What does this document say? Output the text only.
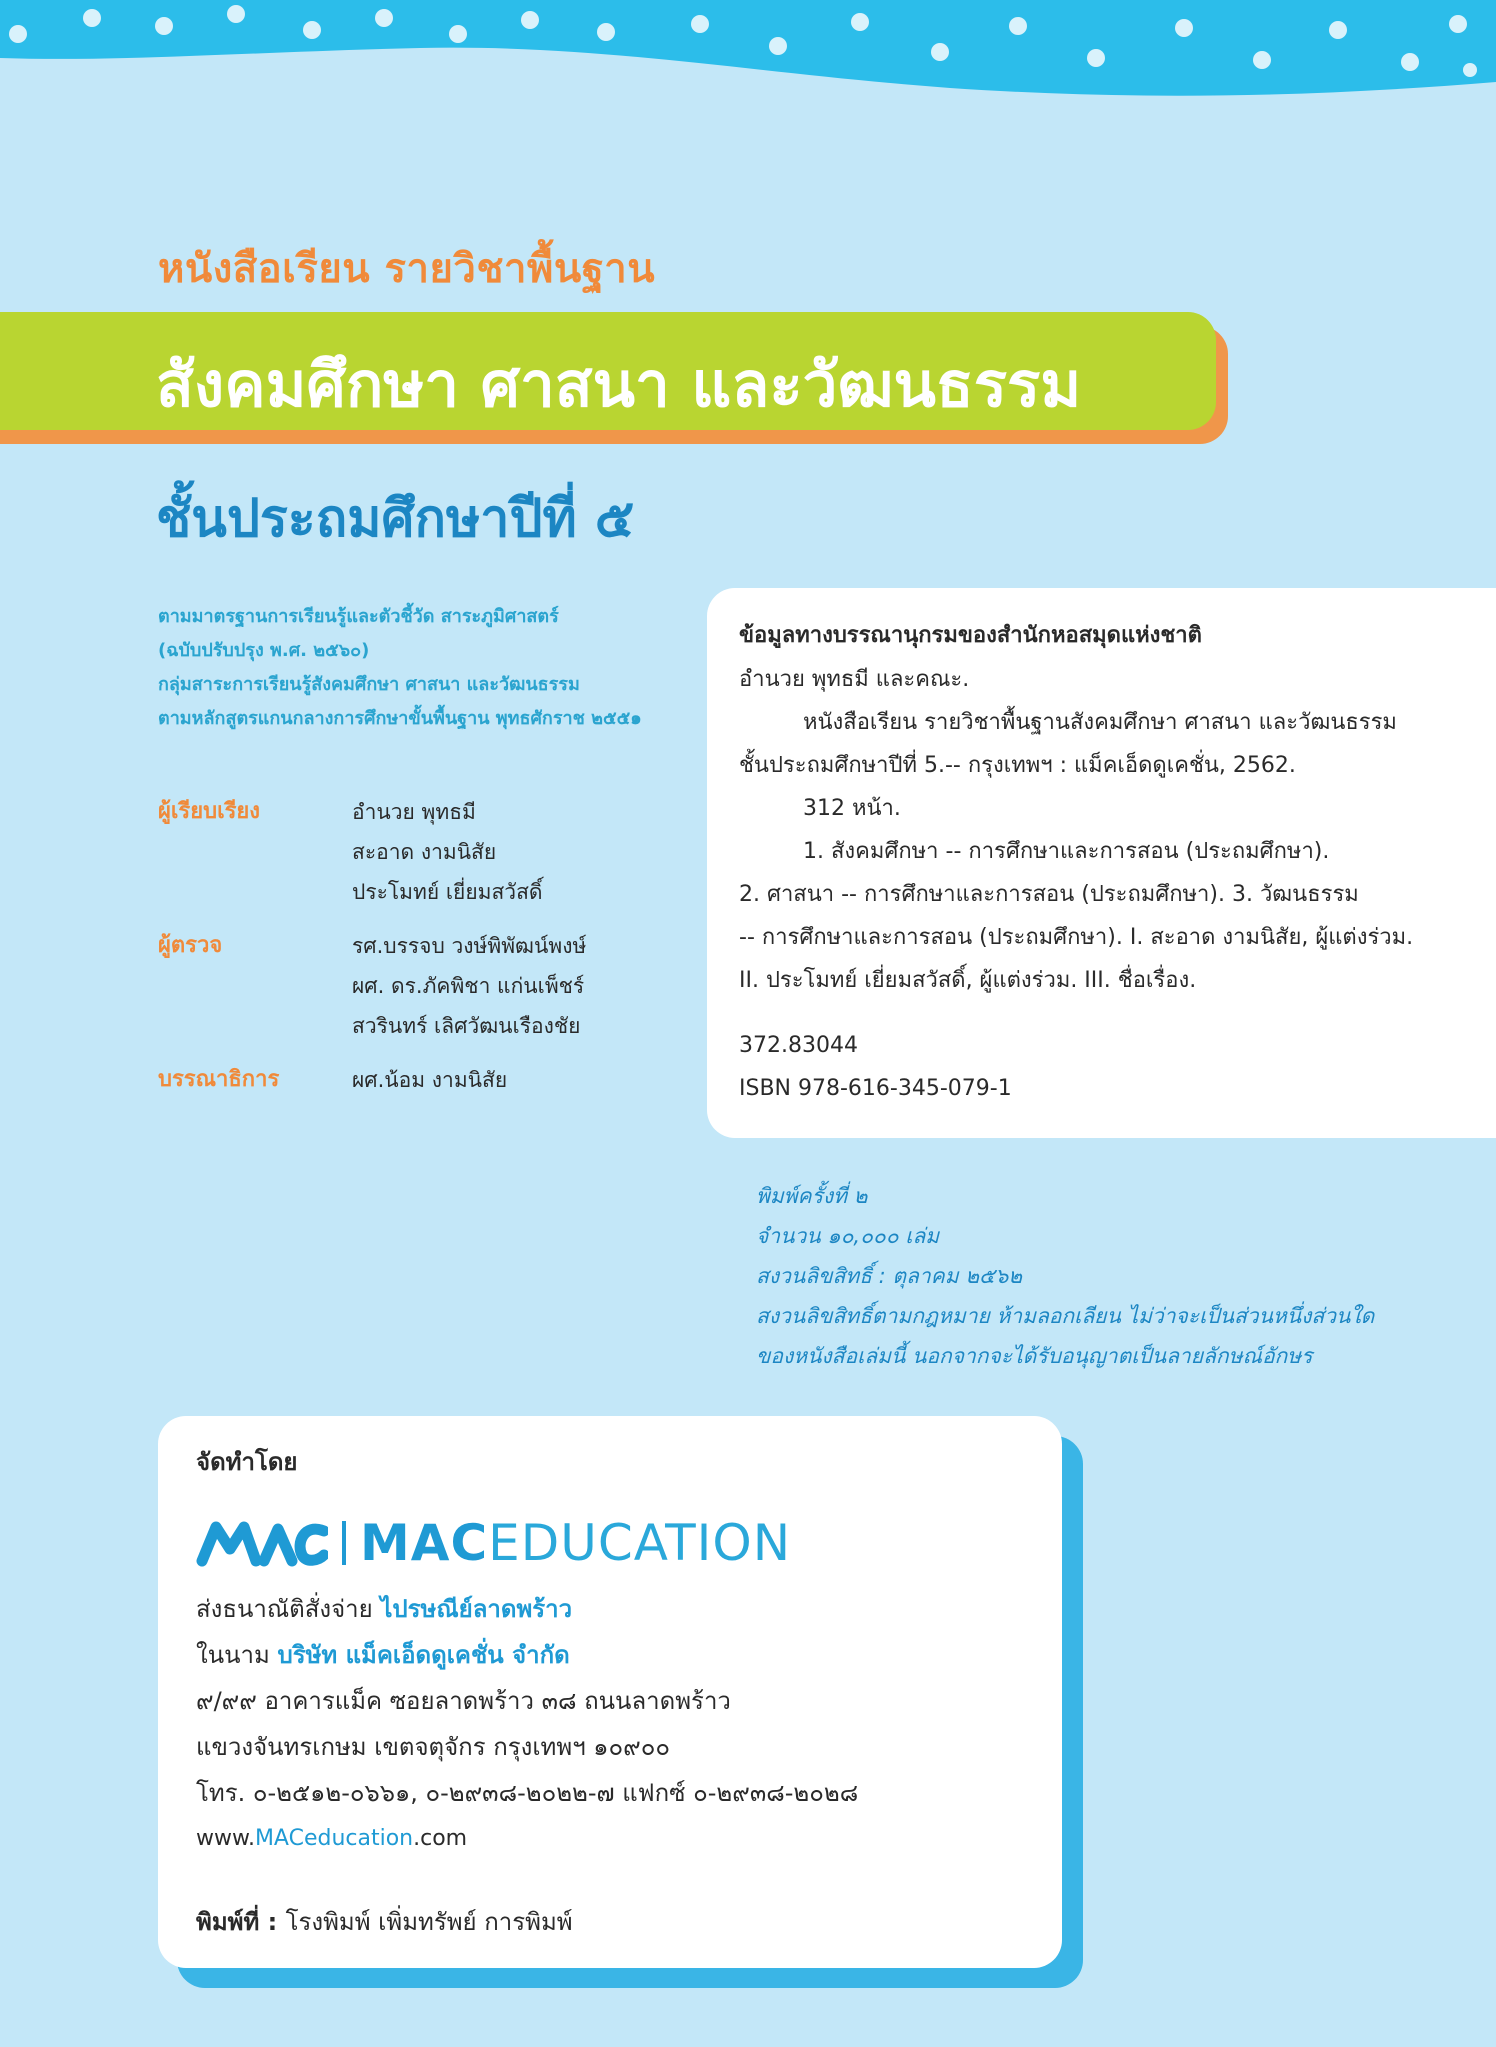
หนังสือเรียน รายวิชาพื้นฐาน
สังคมศึกษา ศาสนา และวัฒนธรรม
ชั้นประถมศึกษาปีที่ ๕
ตามมาตรฐานการเรียนรู้และตัวชี้วัด สาระภูมิศาสตร์
(ฉบับปรับปรุง พ.ศ. ๒๕๖๐)
กลุ่มสาระการเรียนรู้สังคมศึกษา ศาสนา และวัฒนธรรม
ตามหลักสูตรแกนกลางการศึกษาขั้นพื้นฐาน พุทธศักราช ๒๕๕๑
ผู้เรียบเรียง	อำนวย พุทธมี
สะอาด งามนิสัย
ประโมทย์ เยี่ยมสวัสดิ์
ผู้ตรวจ	รศ.บรรจบ วงษ์พิพัฒน์พงษ์
ผศ. ดร.ภัคพิชา แก่นเพ็ชร์
สวรินทร์ เลิศวัฒนเรืองชัย
บรรณาธิการ	ผศ.น้อม งามนิสัย
ข้อมูลทางบรรณานุกรมของสำนักหอสมุดแห่งชาติ
อำนวย พุทธมี และคณะ.
หนังสือเรียน รายวิชาพื้นฐานสังคมศึกษา ศาสนา และวัฒนธรรม
ชั้นประถมศึกษาปีที่ 5.-- กรุงเทพฯ : แม็คเอ็ดดูเคชั่น, 2562.
312 หน้า.
1. สังคมศึกษา -- การศึกษาและการสอน (ประถมศึกษา).
2. ศาสนา -- การศึกษาและการสอน (ประถมศึกษา). 3. วัฒนธรรม
-- การศึกษาและการสอน (ประถมศึกษา). I. สะอาด งามนิสัย, ผู้แต่งร่วม.
II. ประโมทย์ เยี่ยมสวัสดิ์, ผู้แต่งร่วม. III. ชื่อเรื่อง.
372.83044
ISBN 978-616-345-079-1
พิมพ์ครั้งที่ ๒
จำนวน ๑๐,๐๐๐ เล่ม
สงวนลิขสิทธิ์ : ตุลาคม ๒๕๖๒
สงวนลิขสิทธิ์ตามกฎหมาย ห้ามลอกเลียน ไม่ว่าจะเป็นส่วนหนึ่งส่วนใด
ของหนังสือเล่มนี้ นอกจากจะได้รับอนุญาตเป็นลายลักษณ์อักษร
จัดทำโดย
MACEDUCATION
ส่งธนาณัติสั่งจ่าย ไปรษณีย์ลาดพร้าว
ในนาม บริษัท แม็คเอ็ดดูเคชั่น จำกัด
๙/๙๙ อาคารแม็ค ซอยลาดพร้าว ๓๘ ถนนลาดพร้าว
แขวงจันทรเกษม เขตจตุจักร กรุงเทพฯ ๑๐๙๐๐
โทร. ๐-๒๕๑๒-๐๖๖๑, ๐-๒๙๓๘-๒๐๒๒-๗ แฟกซ์ ๐-๒๙๓๘-๒๐๒๘
www.MACeducation.com
พิมพ์ที่ : โรงพิมพ์ เพิ่มทรัพย์ การพิมพ์
